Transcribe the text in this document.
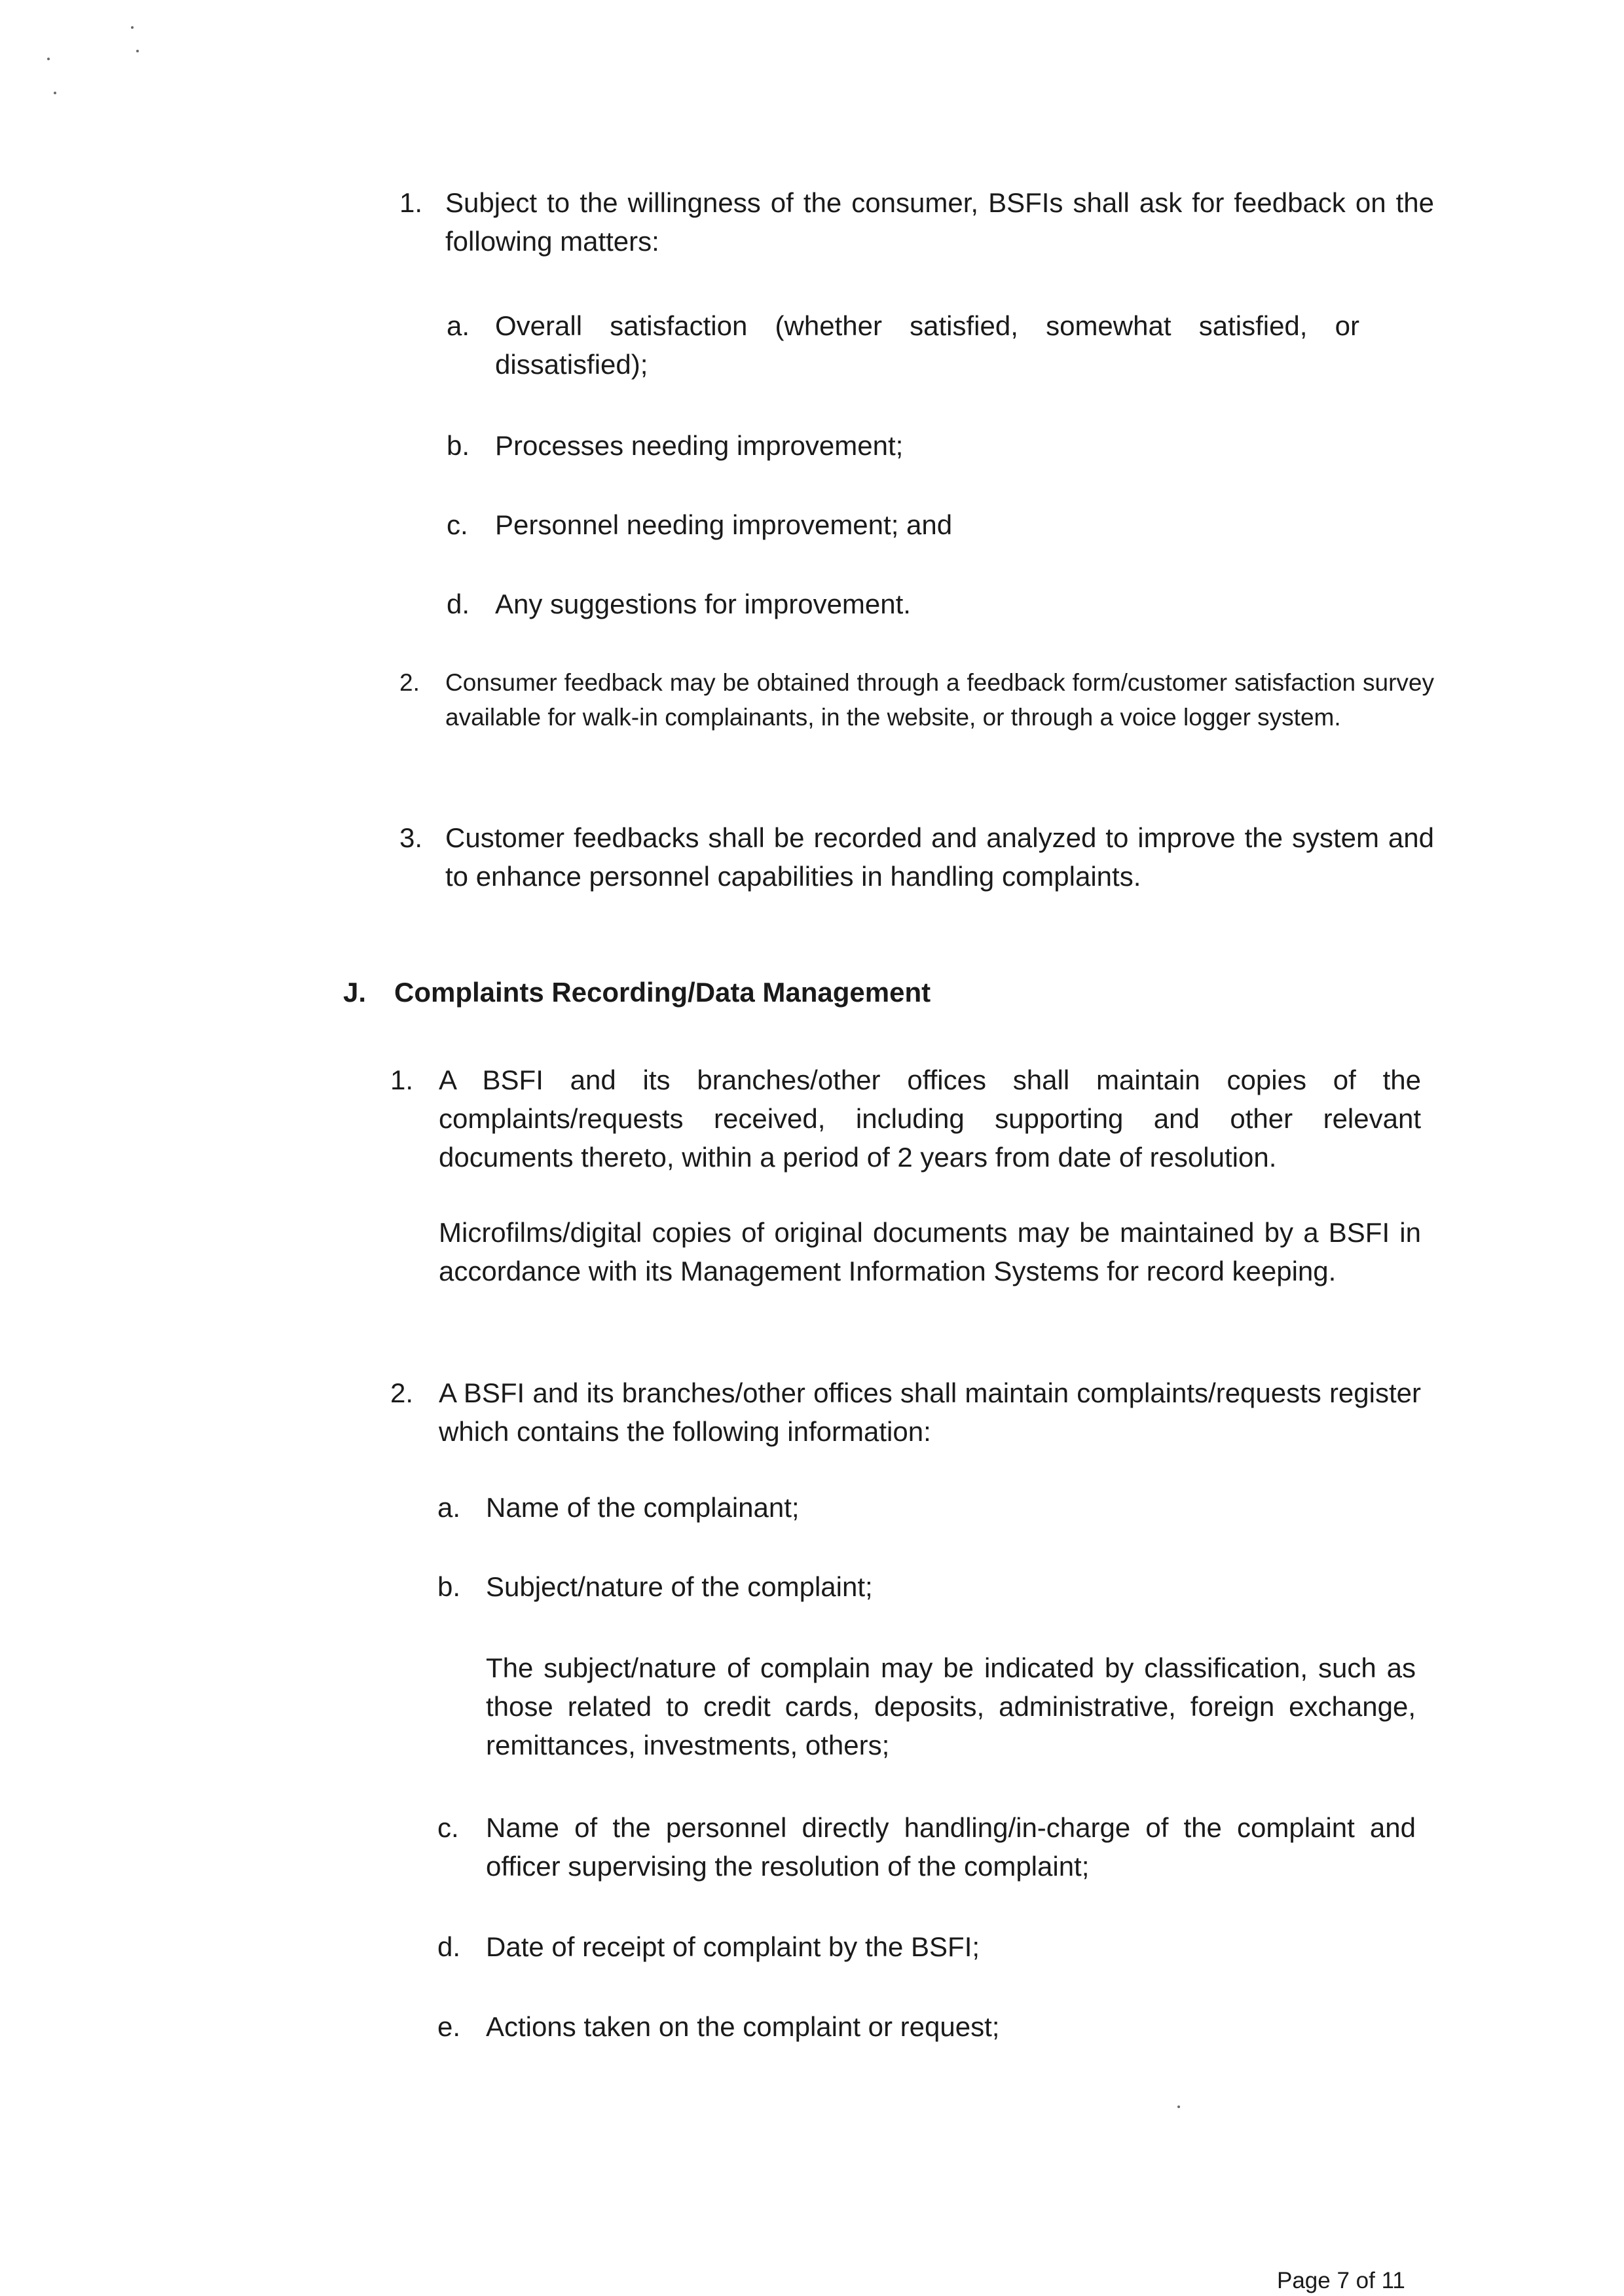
1. Subject to the willingness of the consumer, BSFIs shall ask for feedback on the following matters:
a. Overall satisfaction (whether satisfied, somewhat satisfied, or dissatisfied);
b. Processes needing improvement;
c. Personnel needing improvement; and
d. Any suggestions for improvement.
2. Consumer feedback may be obtained through a feedback form/customer satisfaction survey available for walk-in complainants, in the website, or through a voice logger system.
3. Customer feedbacks shall be recorded and analyzed to improve the system and to enhance personnel capabilities in handling complaints.
J. Complaints Recording/Data Management
1. A BSFI and its branches/other offices shall maintain copies of the complaints/requests received, including supporting and other relevant documents thereto, within a period of 2 years from date of resolution.
Microfilms/digital copies of original documents may be maintained by a BSFI in accordance with its Management Information Systems for record keeping.
2. A BSFI and its branches/other offices shall maintain complaints/requests register which contains the following information:
a. Name of the complainant;
b. Subject/nature of the complaint;
The subject/nature of complain may be indicated by classification, such as those related to credit cards, deposits, administrative, foreign exchange, remittances, investments, others;
c. Name of the personnel directly handling/in-charge of the complaint and officer supervising the resolution of the complaint;
d. Date of receipt of complaint by the BSFI;
e. Actions taken on the complaint or request;
Page 7 of 11
